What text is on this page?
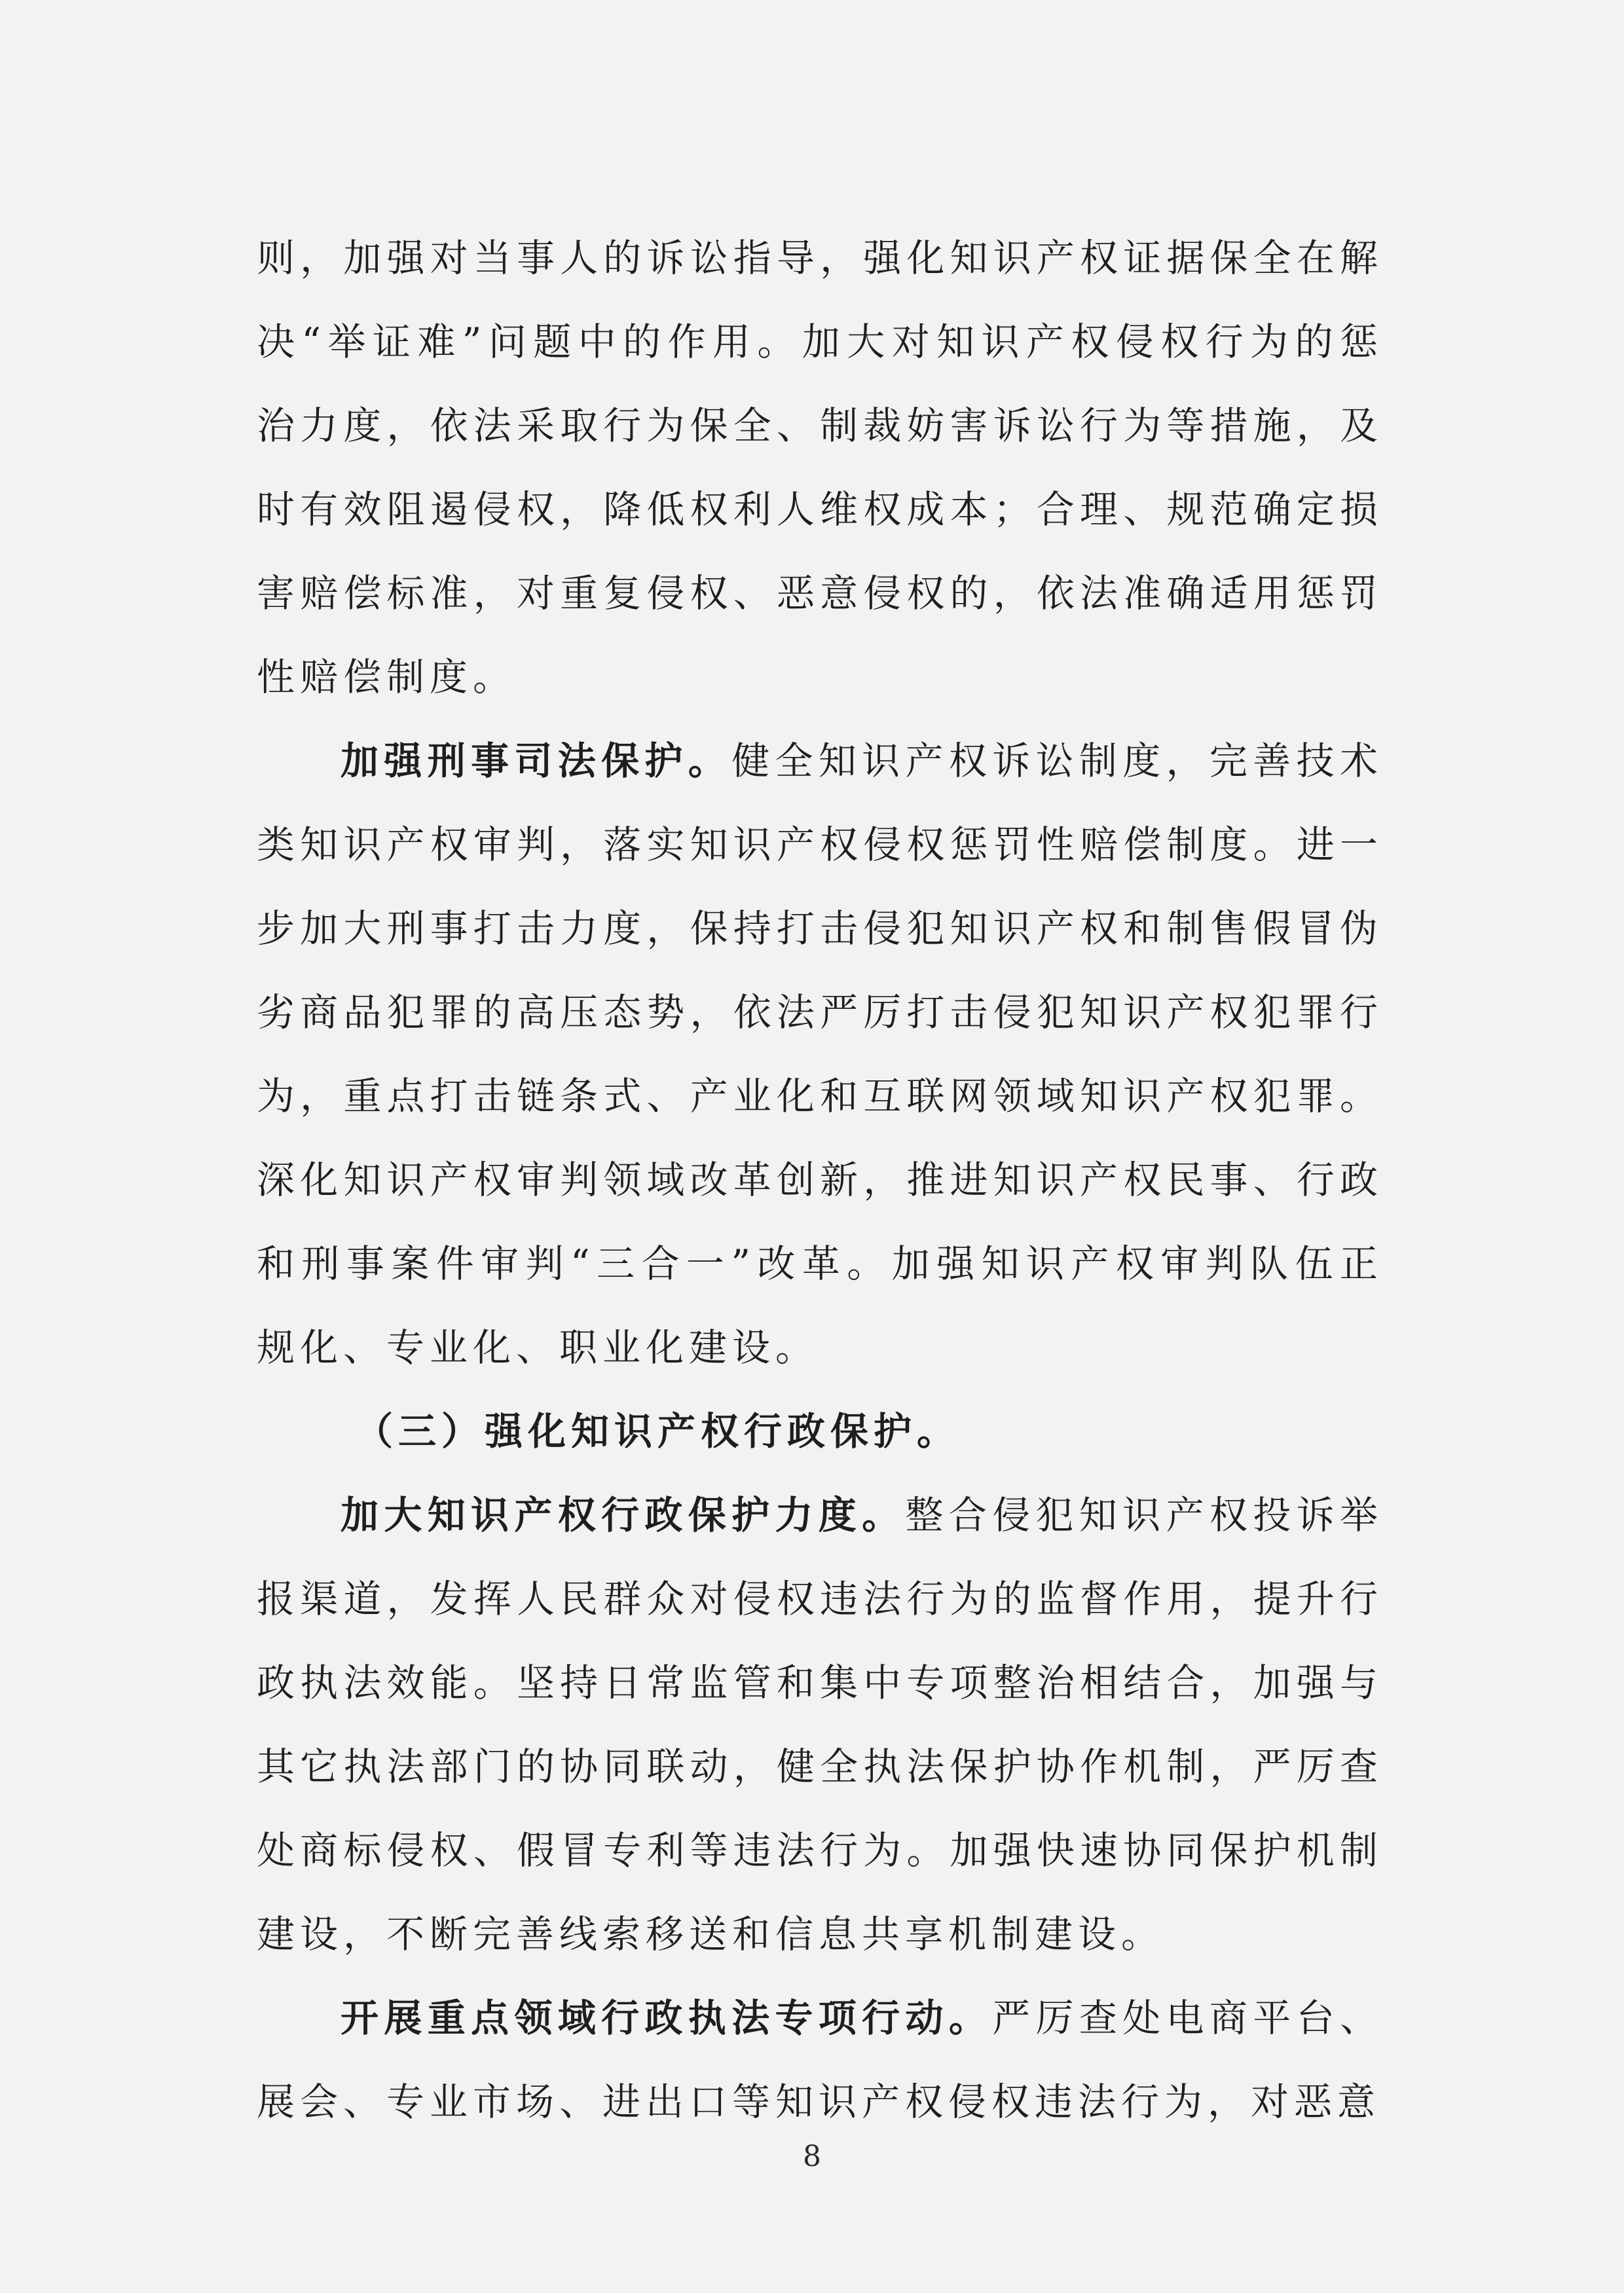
则，加强对当事人的诉讼指导，强化知识产权证据保全在解决“举证难”问题中的作用。加大对知识产权侵权行为的惩治力度，依法采取行为保全、制裁妨害诉讼行为等措施，及时有效阻遏侵权，降低权利人维权成本；合理、规范确定损害赔偿标准，对重复侵权、恶意侵权的，依法准确适用惩罚性赔偿制度。

加强刑事司法保护。健全知识产权诉讼制度，完善技术类知识产权审判，落实知识产权侵权惩罚性赔偿制度。进一步加大刑事打击力度，保持打击侵犯知识产权和制售假冒伪劣商品犯罪的高压态势，依法严厉打击侵犯知识产权犯罪行为，重点打击链条式、产业化和互联网领域知识产权犯罪。深化知识产权审判领域改革创新，推进知识产权民事、行政和刑事案件审判“三合一”改革。加强知识产权审判队伍正规化、专业化、职业化建设。

（三）强化知识产权行政保护。

加大知识产权行政保护力度。整合侵犯知识产权投诉举报渠道，发挥人民群众对侵权违法行为的监督作用，提升行政执法效能。坚持日常监管和集中专项整治相结合，加强与其它执法部门的协同联动，健全执法保护协作机制，严厉查处商标侵权、假冒专利等违法行为。加强快速协同保护机制建设，不断完善线索移送和信息共享机制建设。

开展重点领域行政执法专项行动。严厉查处电商平台、展会、专业市场、进出口等知识产权侵权违法行为，对恶意

8
